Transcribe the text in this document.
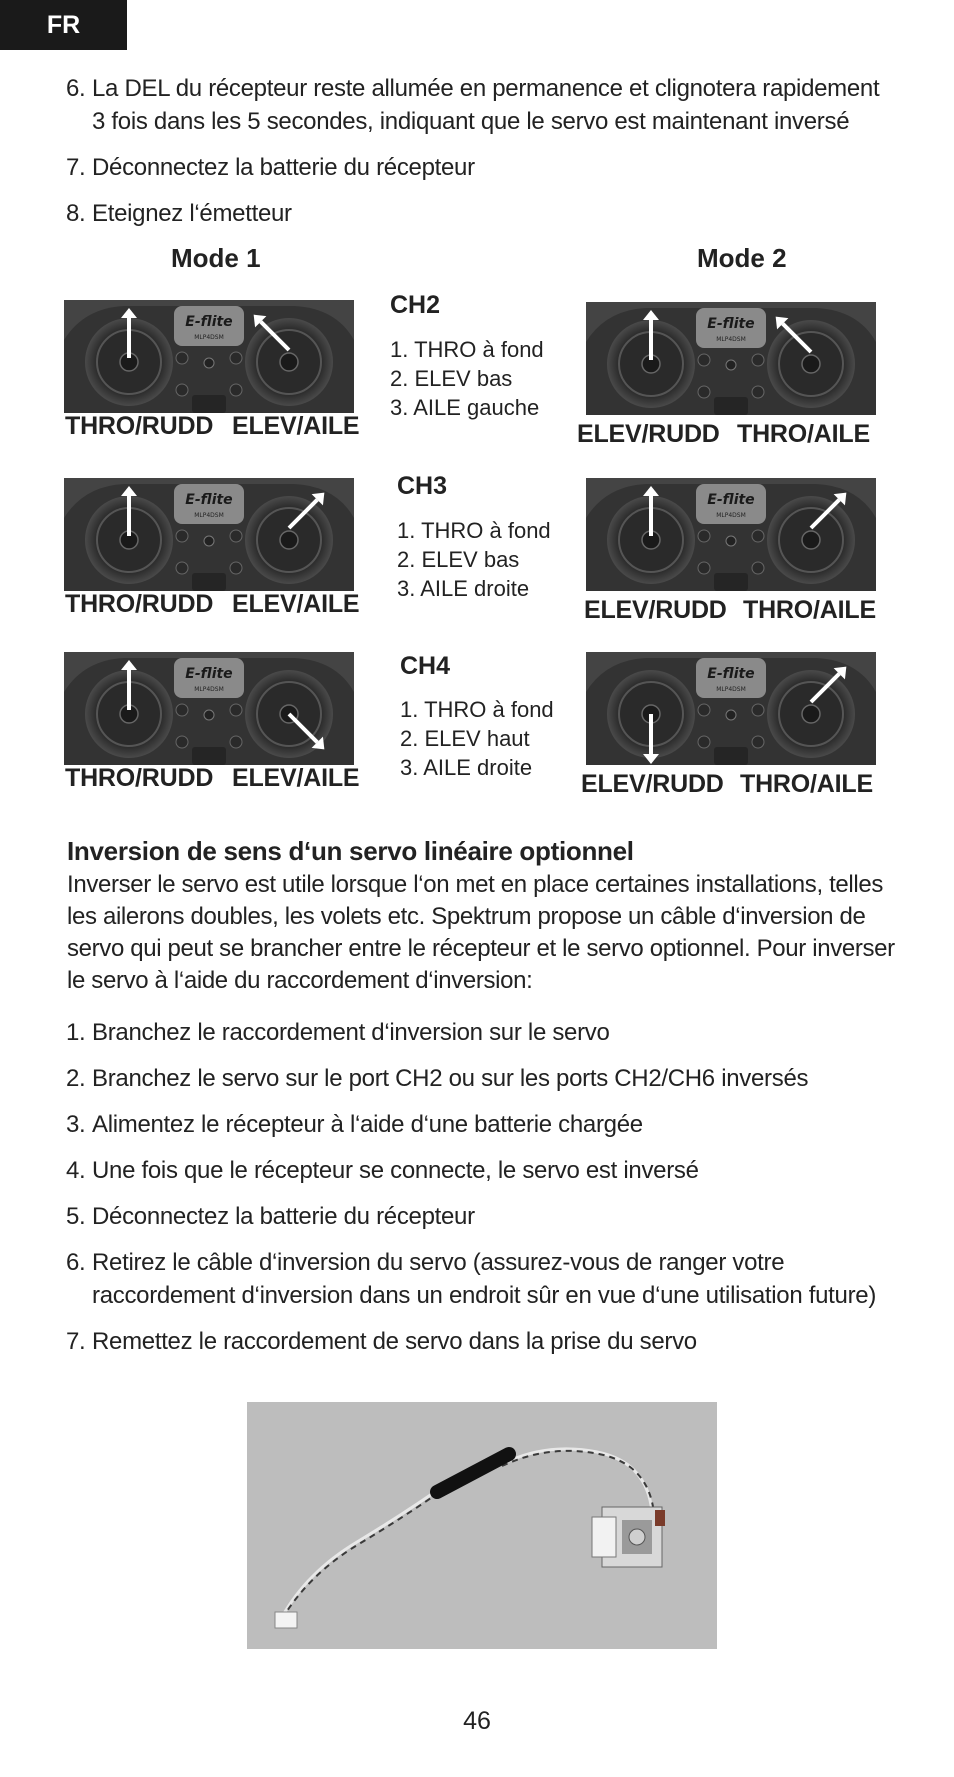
FR
6. La DEL du récepteur reste allumée en permanence et clignotera rapidement 3 fois dans les 5 secondes, indiquant que le servo est maintenant inversé
7. Déconnectez la batterie du récepteur
8. Eteignez l‘émetteur
Mode 1	Mode 2
E-flite
MLP4DSM
THRO/RUDD ELEV/AILE
CH2
1. THRO à fond
2. ELEV bas
3. AILE gauche
E-flite
MLP4DSM
ELEV/RUDD THRO/AILE
E-flite
MLP4DSM
THRO/RUDD ELEV/AILE
CH3
1. THRO à fond
2. ELEV bas
3. AILE droite
E-flite
MLP4DSM
ELEV/RUDD THRO/AILE
E-flite
MLP4DSM
THRO/RUDD ELEV/AILE
CH4
1. THRO à fond
2. ELEV haut
3. AILE droite
E-flite
MLP4DSM
ELEV/RUDD THRO/AILE
Inversion de sens d‘un servo linéaire optionnel
Inverser le servo est utile lorsque l‘on met en place certaines installations, telles les ailerons doubles, les volets etc. Spektrum propose un câble d‘inversion de servo qui peut se brancher entre le récepteur et le servo optionnel. Pour inverser le servo à l‘aide du raccordement d‘inversion:
1. Branchez le raccordement d‘inversion sur le servo
2. Branchez le servo sur le port CH2 ou sur les ports CH2/CH6 inversés
3. Alimentez le récepteur à l‘aide d‘une batterie chargée
4. Une fois que le récepteur se connecte, le servo est inversé
5. Déconnectez la batterie du récepteur
6. Retirez le câble d‘inversion du servo (assurez-vous de ranger votre raccordement d‘inversion dans un endroit sûr en vue d‘une utilisation future)
7. Remettez le raccordement de servo dans la prise du servo
46
